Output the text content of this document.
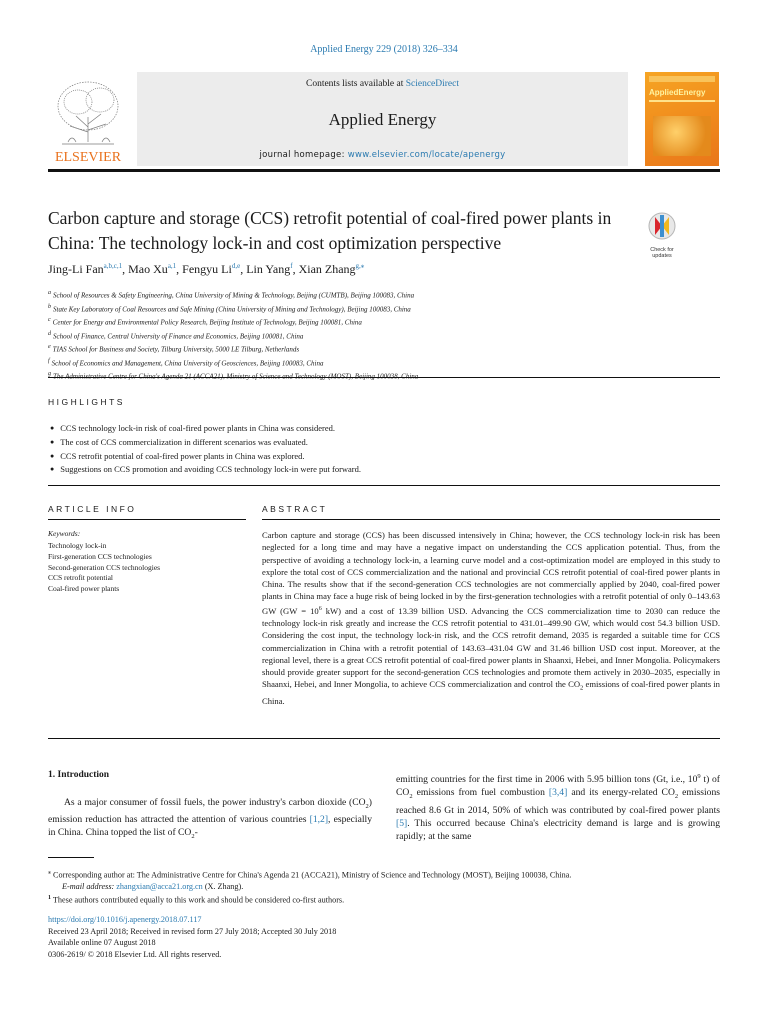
Applied Energy 229 (2018) 326–334
ELSEVIER
Contents lists available at ScienceDirect
Applied Energy
journal homepage: www.elsevier.com/locate/apenergy
AppliedEnergy
Carbon capture and storage (CCS) retrofit potential of coal-fired power plants in China: The technology lock-in and cost optimization perspective	Check for
updates
Jing-Li Fan$^{a,b,c,1}$, Mao Xu$^{a,1}$, Fengyu Li$^{d,e}$, Lin Yang$^f$, Xian Zhang$^{g,⁎}$
$^a$ School of Resources & Safety Engineering, China University of Mining & Technology, Beijing (CUMTB), Beijing 100083, China
$^b$ State Key Laboratory of Coal Resources and Safe Mining (China University of Mining and Technology), Beijing 100083, China
$^c$ Center for Energy and Environmental Policy Research, Beijing Institute of Technology, Beijing 100081, China
$^d$ School of Finance, Central University of Finance and Economics, Beijing 100081, China
$^e$ TIAS School for Business and Society, Tilburg University, 5000 LE Tilburg, Netherlands
$^f$ School of Economics and Management, China University of Geosciences, Beijing 100083, China
$^g$
HIGHLIGHTS
● CCS technology lock-in risk of coal-fired power plants in China was considered.
● The cost of CCS commercialization in different scenarios was evaluated.
● CCS retrofit potential of coal-fired power plants in China was explored.
● Suggestions on CCS promotion and avoiding CCS technology lock-in were put forward.
ARTICLE INFO
Keywords:
Technology lock-in
First-generation CCS technologies
Second-generation CCS technologies
CCS retrofit potential
Coal-fired power plants
ABSTRACT
Carbon capture and storage (CCS) has been discussed intensively in China; however, the CCS technology lock-in risk has been neglected for a long time and may have a negative impact on understanding the CCS application potential. Thus, from the perspective of avoiding a technology lock-in, a learning curve model and a cost-optimization model are employed in this study to explore the total cost of CCS commercialization and the national and provincial CCS retrofit potential of coal-fired power plants in China. The results show that if the second-generation CCS technologies are not commercially applied by 2040, coal-fired power plants in China may face a huge risk of being locked in by the first-generation technologies with a retrofit potential of only 0–143.63 GW ($GW = 10^6$ kW) and a cost of 13.39 billion USD. Advancing the CCS commercialization time to 2030 can reduce the technology lock-in risk greatly and increase the CCS retrofit potential to 431.01–499.90 GW, which would cost 54.3 billion USD. Considering the cost input, the technology lock-in risk, and the CCS retrofit demand, 2035 is regarded a suitable time for CCS commercialization in China with a retrofit potential of 143.63–431.04 GW and 31.46 billion USD cost input. Moreover, at the regional level, there is a great CCS retrofit potential of coal-fired power plants in Shaanxi, Hebei, and Inner Mongolia. Policymakers should provide greater support for the second-generation CCS technologies and promote them actively in 2030–2035, especially in Shaanxi, Hebei, and Inner Mongolia, to achieve CCS commercialization and control the $CO_2$ emissions of coal-fired power plants in China.
1. Introduction
As a major consumer of fossil fuels, the power industry's carbon dioxide $(CO_2)$ emission reduction has attracted the attention of various countries [1,2], especially in China. China topped the list of $CO_2-$
emitting countries for the first time in 2006 with 5.95 billion tons (Gt, i.e., $10^9$ t) of $CO_2$ emissions from fuel combustion [3,4] and its energy-related $CO_2$ emissions reached 8.6 Gt in 2014, 50% of which was contributed by coal-fired power plants [5]. This occurred because China's electricity demand is large and is growing rapidly; at the same
⁎ Corresponding author at: The Administrative Centre for China's Agenda 21 (ACCA21), Ministry of Science and Technology (MOST), Beijing 100038, China.
E-mail address: zhangxian@acca21.org.cn (X. Zhang).
$^1$ These authors contributed equally to this work and should be considered co-first authors.
https://doi.org/10.1016/j.apenergy.2018.07.117
Received 23 April 2018; Received in revised form 27 July 2018; Accepted 30 July 2018
Available online 07 August 2018
0306-2619/ © 2018 Elsevier Ltd. All rights reserved.
